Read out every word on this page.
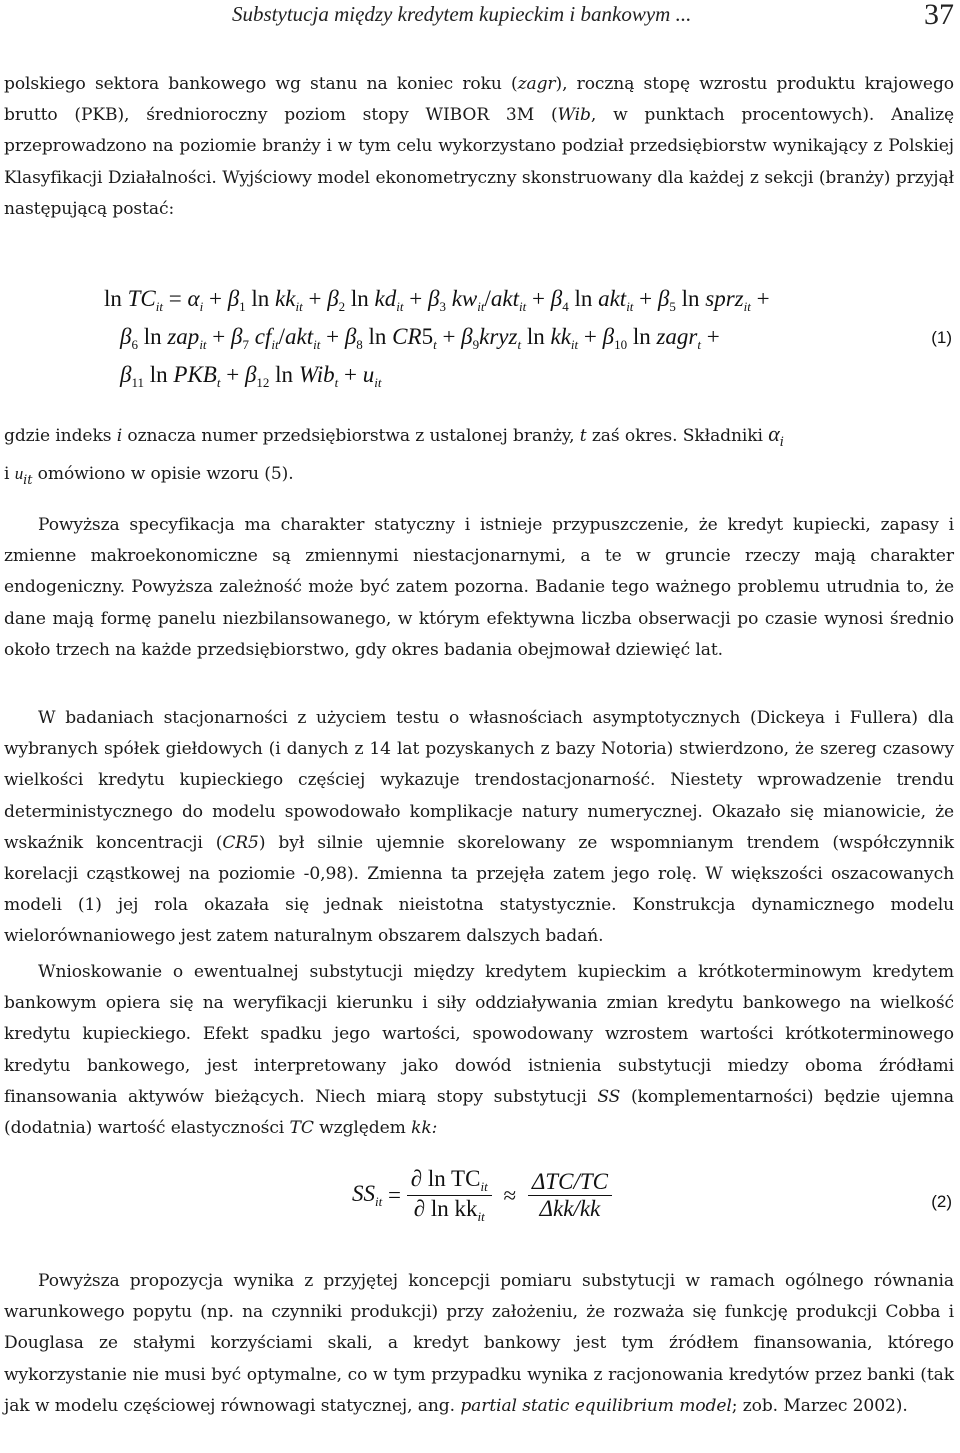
Substytucja między kredytem kupieckim i bankowym ...	37

polskiego sektora bankowego wg stanu na koniec roku (zagr), roczną stopę wzrostu produktu krajowego brutto (PKB), średnioroczny poziom stopy WIBOR 3M (Wib, w punktach procentowych). Analizę przeprowadzono na poziomie branży i w tym celu wykorzystano podział przedsiębiorstw wynikający z Polskiej Klasyfikacji Działalności. Wyjściowy model ekonometryczny skonstruowany dla każdej z sekcji (branży) przyjął następującą postać:

$\ln TC_{it} = \alpha_i + \beta_1$ $\ln kk_{it} + \beta_2$ $\ln kd_{it} + \beta_3$ $kw_{it}/akt_{it} + \beta_4$ $\ln akt_{it} + \beta_5$ ln sprz$_{it}$ +
$\beta_6$ $\ln zap_{it} + \beta_7$ $cf_{it}/akt_{it} + \beta_8$ $\ln CR5_t$ + $\beta_9kryz_t$ $\ln kk_{it} + \beta_{10}$ ln zagr$_t$ +
$\beta_{11}$ $\ln PKB_t + \beta_{12}$ $\ln Wib_t + u_{it}$
(1)

gdzie indeks i oznacza numer przedsiębiorstwa z ustalonej branży, t zaś okres. Składniki $\alpha_i$
i $u_{it}$ omówiono w opisie wzoru (5).

Powyższa specyfikacja ma charakter statyczny i istnieje przypuszczenie, że kredyt kupiecki, zapasy i zmienne makroekonomiczne są zmiennymi niestacjonarnymi, a te w gruncie rzeczy mają charakter endogeniczny. Powyższa zależność może być zatem pozorna. Badanie tego ważnego problemu utrudnia to, że dane mają formę panelu niezbilansowanego, w którym efektywna liczba obserwacji po czasie wynosi średnio około trzech na każde przedsiębiorstwo, gdy okres badania obejmował dziewięć lat.

W badaniach stacjonarności z użyciem testu o własnościach asymptotycznych (Dickeya i Fullera) dla wybranych spółek giełdowych (i danych z 14 lat pozyskanych z bazy Notoria) stwierdzono, że szereg czasowy wielkości kredytu kupieckiego częściej wykazuje trendostacjonarność. Niestety wprowadzenie trendu deterministycznego do modelu spowodowało komplikacje natury numerycznej. Okazało się mianowicie, że wskaźnik koncentracji (CR5) był silnie ujemnie skorelowany ze wspomnianym trendem (współczynnik korelacji cząstkowej na poziomie -0,98). Zmienna ta przejęła zatem jego rolę. W większości oszacowanych modeli (1) jej rola okazała się jednak nieistotna statystycznie. Konstrukcja dynamicznego modelu wielorównaniowego jest zatem naturalnym obszarem dalszych badań.

Wnioskowanie o ewentualnej substytucji między kredytem kupieckim a krótkoterminowym kredytem bankowym opiera się na weryfikacji kierunku i siły oddziaływania zmian kredytu bankowego na wielkość kredytu kupieckiego. Efekt spadku jego wartości, spowodowany wzrostem wartości krótkoterminowego kredytu bankowego, jest interpretowany jako dowód istnienia substytucji miedzy oboma źródłami finansowania aktywów bieżących. Niech miarą stopy substytucji SS (komplementarności) będzie ujemna (dodatnia) wartość elastyczności TC względem kk:

$SS_{it} = \frac{\partial \ln TC_{it}}{\partial \ln kk_{it}} \approx \frac{\text{ΔTC/TC}}{\text{Δkk/kk}}$	(2)

Powyższa propozycja wynika z przyjętej koncepcji pomiaru substytucji w ramach ogólnego równania warunkowego popytu (np. na czynniki produkcji) przy założeniu, że rozważa się funkcję produkcji Cobba i Douglasa ze stałymi korzyściami skali, a kredyt bankowy jest tym źródłem finansowania, którego wykorzystanie nie musi być optymalne, co w tym przypadku wynika z racjonowania kredytów przez banki (tak jak w modelu częściowej równowagi statycznej, ang. partial static equilibrium model; zob. Marzec 2002).
